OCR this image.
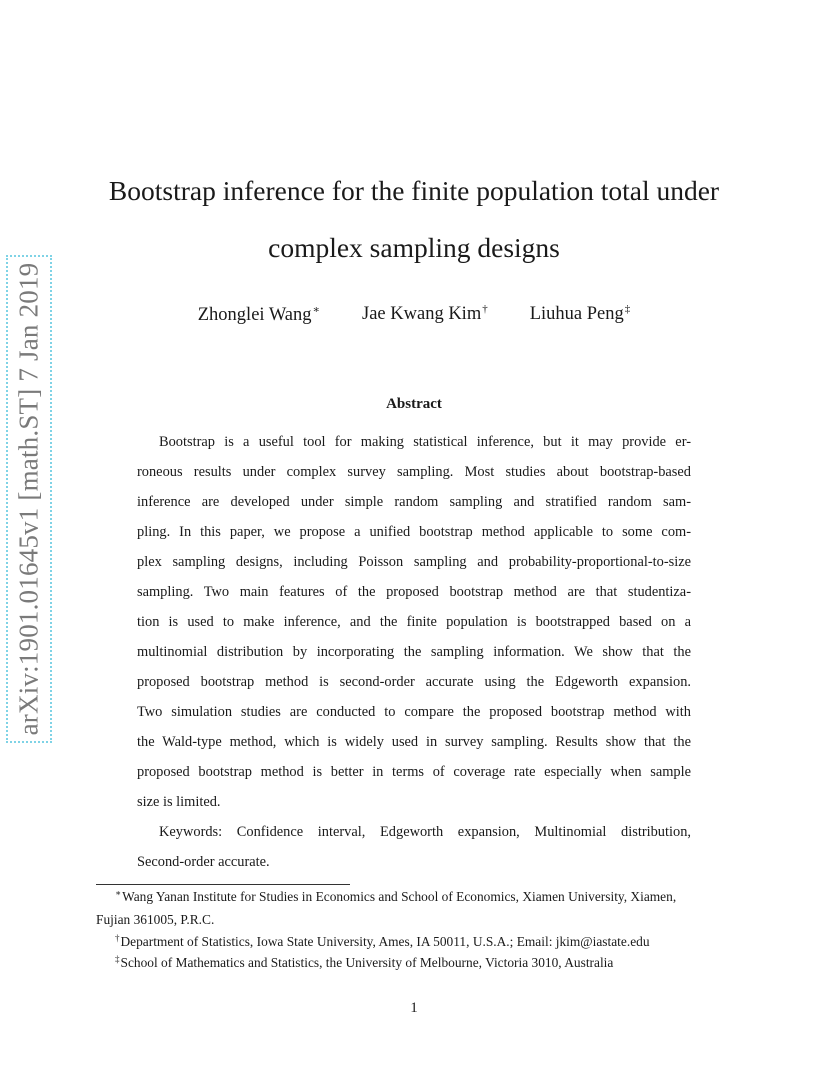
arXiv:1901.01645v1 [math.ST] 7 Jan 2019
Bootstrap inference for the finite population total under
complex sampling designs
Zhonglei Wang∗ Jae Kwang Kim† Liuhua Peng‡
Abstract
Bootstrap is a useful tool for making statistical inference, but it may provide er-
roneous results under complex survey sampling. Most studies about bootstrap-based
inference are developed under simple random sampling and stratified random sam-
pling. In this paper, we propose a unified bootstrap method applicable to some com-
plex sampling designs, including Poisson sampling and probability-proportional-to-size
sampling. Two main features of the proposed bootstrap method are that studentiza-
tion is used to make inference, and the finite population is bootstrapped based on a
multinomial distribution by incorporating the sampling information. We show that the
proposed bootstrap method is second-order accurate using the Edgeworth expansion.
Two simulation studies are conducted to compare the proposed bootstrap method with
the Wald-type method, which is widely used in survey sampling. Results show that the
proposed bootstrap method is better in terms of coverage rate especially when sample
size is limited.
Keywords: Confidence interval, Edgeworth expansion, Multinomial distribution,
Second-order accurate.
∗Wang Yanan Institute for Studies in Economics and School of Economics, Xiamen University, Xiamen,
Fujian 361005, P.R.C.
†Department of Statistics, Iowa State University, Ames, IA 50011, U.S.A.; Email: jkim@iastate.edu
‡School of Mathematics and Statistics, the University of Melbourne, Victoria 3010, Australia
1
